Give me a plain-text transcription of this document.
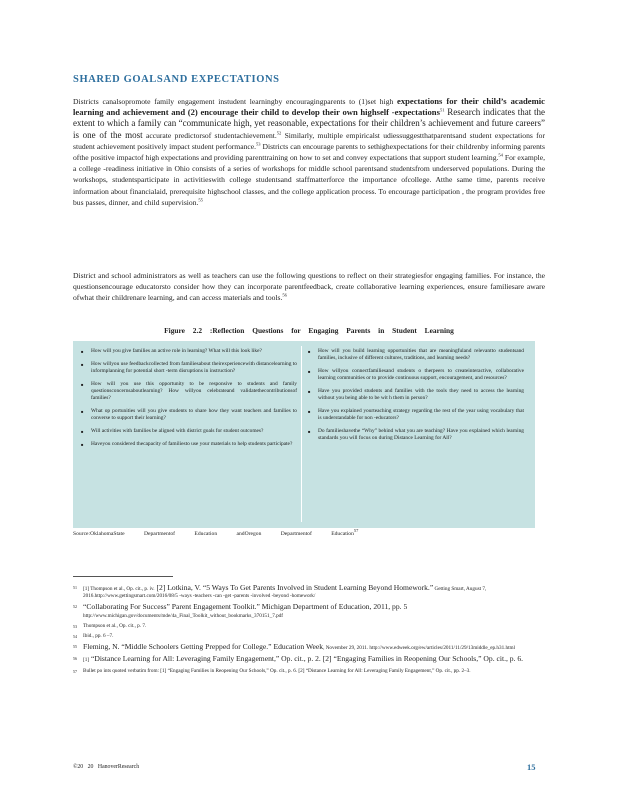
SHARED GOALSAND EXPECTATIONS
Districts canalsopromote family engagement instudent learningby encouragingparents to (1)set high expectations for their child’s academic learning and achievement and (2) encourage their child to develop their own highself -expectations$^{51}$ Research indicates that the extent to which a family can “communicate high, yet reasonable, expectations for their children’s achievement and future careers” is one of the most accurate predictorsof studentachievement.$^{52}$ Similarly, multiple empiricalst udiessuggestthatparentsand student expectations for student achievement positively impact student performance.$^{53}$ Districts can encourage parents to sethighexpectations for their childrenby informing parents ofthe positive impactof high expectations and providing parenttraining on how to set and convey expectations that support student learning.$^{54}$ For example, a college -readiness initiative in Ohio consists of a series of workshops for middle school parentsand studentsfrom underserved populations. During the workshops, studentsparticipate in activitieswith college studentsand staffmatterforce the importance ofcollege. Atthe same time, parents receive information about financialaid, prerequisite highschool classes, and the college application process. To encourage participation , the program provides free bus passes, dinner, and child supervision.$^{55}$
District and school administrators as well as teachers can use the following questions to reflect on their strategiesfor engaging families. For instance, the questionsencourage educatorsto consider how they can incorporate parentfeedback, create collaborative learning experiences, ensure familiesare aware ofwhat their childrenare learning, and can access materials and tools.$^{56}$
Figure 2.2 :Reflection Questions for Engaging Parents in Student Learning
■ How will you give families an active role in learning? What will this look like?
■ How willyou use feedbackcollected from familiesabout theirexperiencewith distancelearning to informplanning for potential short -term disruptions in instruction?
■ How will you use this opportunity to be responsive to students and family questionsconcernsaboutlearning? How willyou celebrateand validatethecontributionsof families?
■ What op portunities will you give students to share how they want teachers and families to converse to support their learning?
■ Will activities with families be aligned with district goals for student outcomes?
■ Haveyou considered thecapacity of familiesto use your materials to help students participate?
■ How will you build learning opportunities that are meaningfuland relevantto studentsand families, inclusive of different cultures, traditions, and learning needs?
■ How willyou connectfamiliesand students o therpeers to createinteractive, collaborative learning communities or to provide continuous support, encouragement, and resources?
■ Have you provided students and families with the tools they need to access the learning without you being able to be wit h them in person?
■ Have you explained yourteaching strategy regarding the rest of the year using vocabulary that is understandable for non -educators?
■ Do familieshavethe “Why” behind what you are teaching? Have you explained which learning standards you will focus on during Distance Learning for All?
Source:OklahomaState Departmentof Education andOregon Departmentof Education$^{57}$
51 [1] Thompson et al., Op. cit., p. iv. [2] Lotkina, V. “5 Ways To Get Parents Involved in Student Learning Beyond Homework.” Getting Smart, August 7, 2016.http://www.gettingsmart.com/2016/08/5 -ways -teachers -can -get -parents -involved -beyond -homework/
52 “Collaborating For Success” Parent Engagement Toolkit.” Michigan Department of Education, 2011, pp. 5 http://www.michigan.gov/documents/mde/4a_Final_Toolkit_without_bookmarks_370151_7.pdf
53 Thompson et al., Op. cit., p. 7.
54 Ibid., pp. 6 –7.
55 Fleming, N. “Middle Schoolers Getting Prepped for College.” Education Week, November 29, 2011. http://www.edweek.org/ew/articles/2011/11/29/13middle_ep.h31.html
56 [1] “Distance Learning for All: Leveraging Family Engagement,” Op. cit., p. 2. [2] “Engaging Families in Reopening Our Schools,” Op. cit., p. 6.
57 Bullet po ints quoted verbatim from: [1] “Engaging Families in Reopening Our Schools,” Op. cit., p. 6. [2] “Distance Learning for All: Leveraging Family Engagement,” Op. cit., pp. 2–3.
©20 20 HanoverResearch	15
